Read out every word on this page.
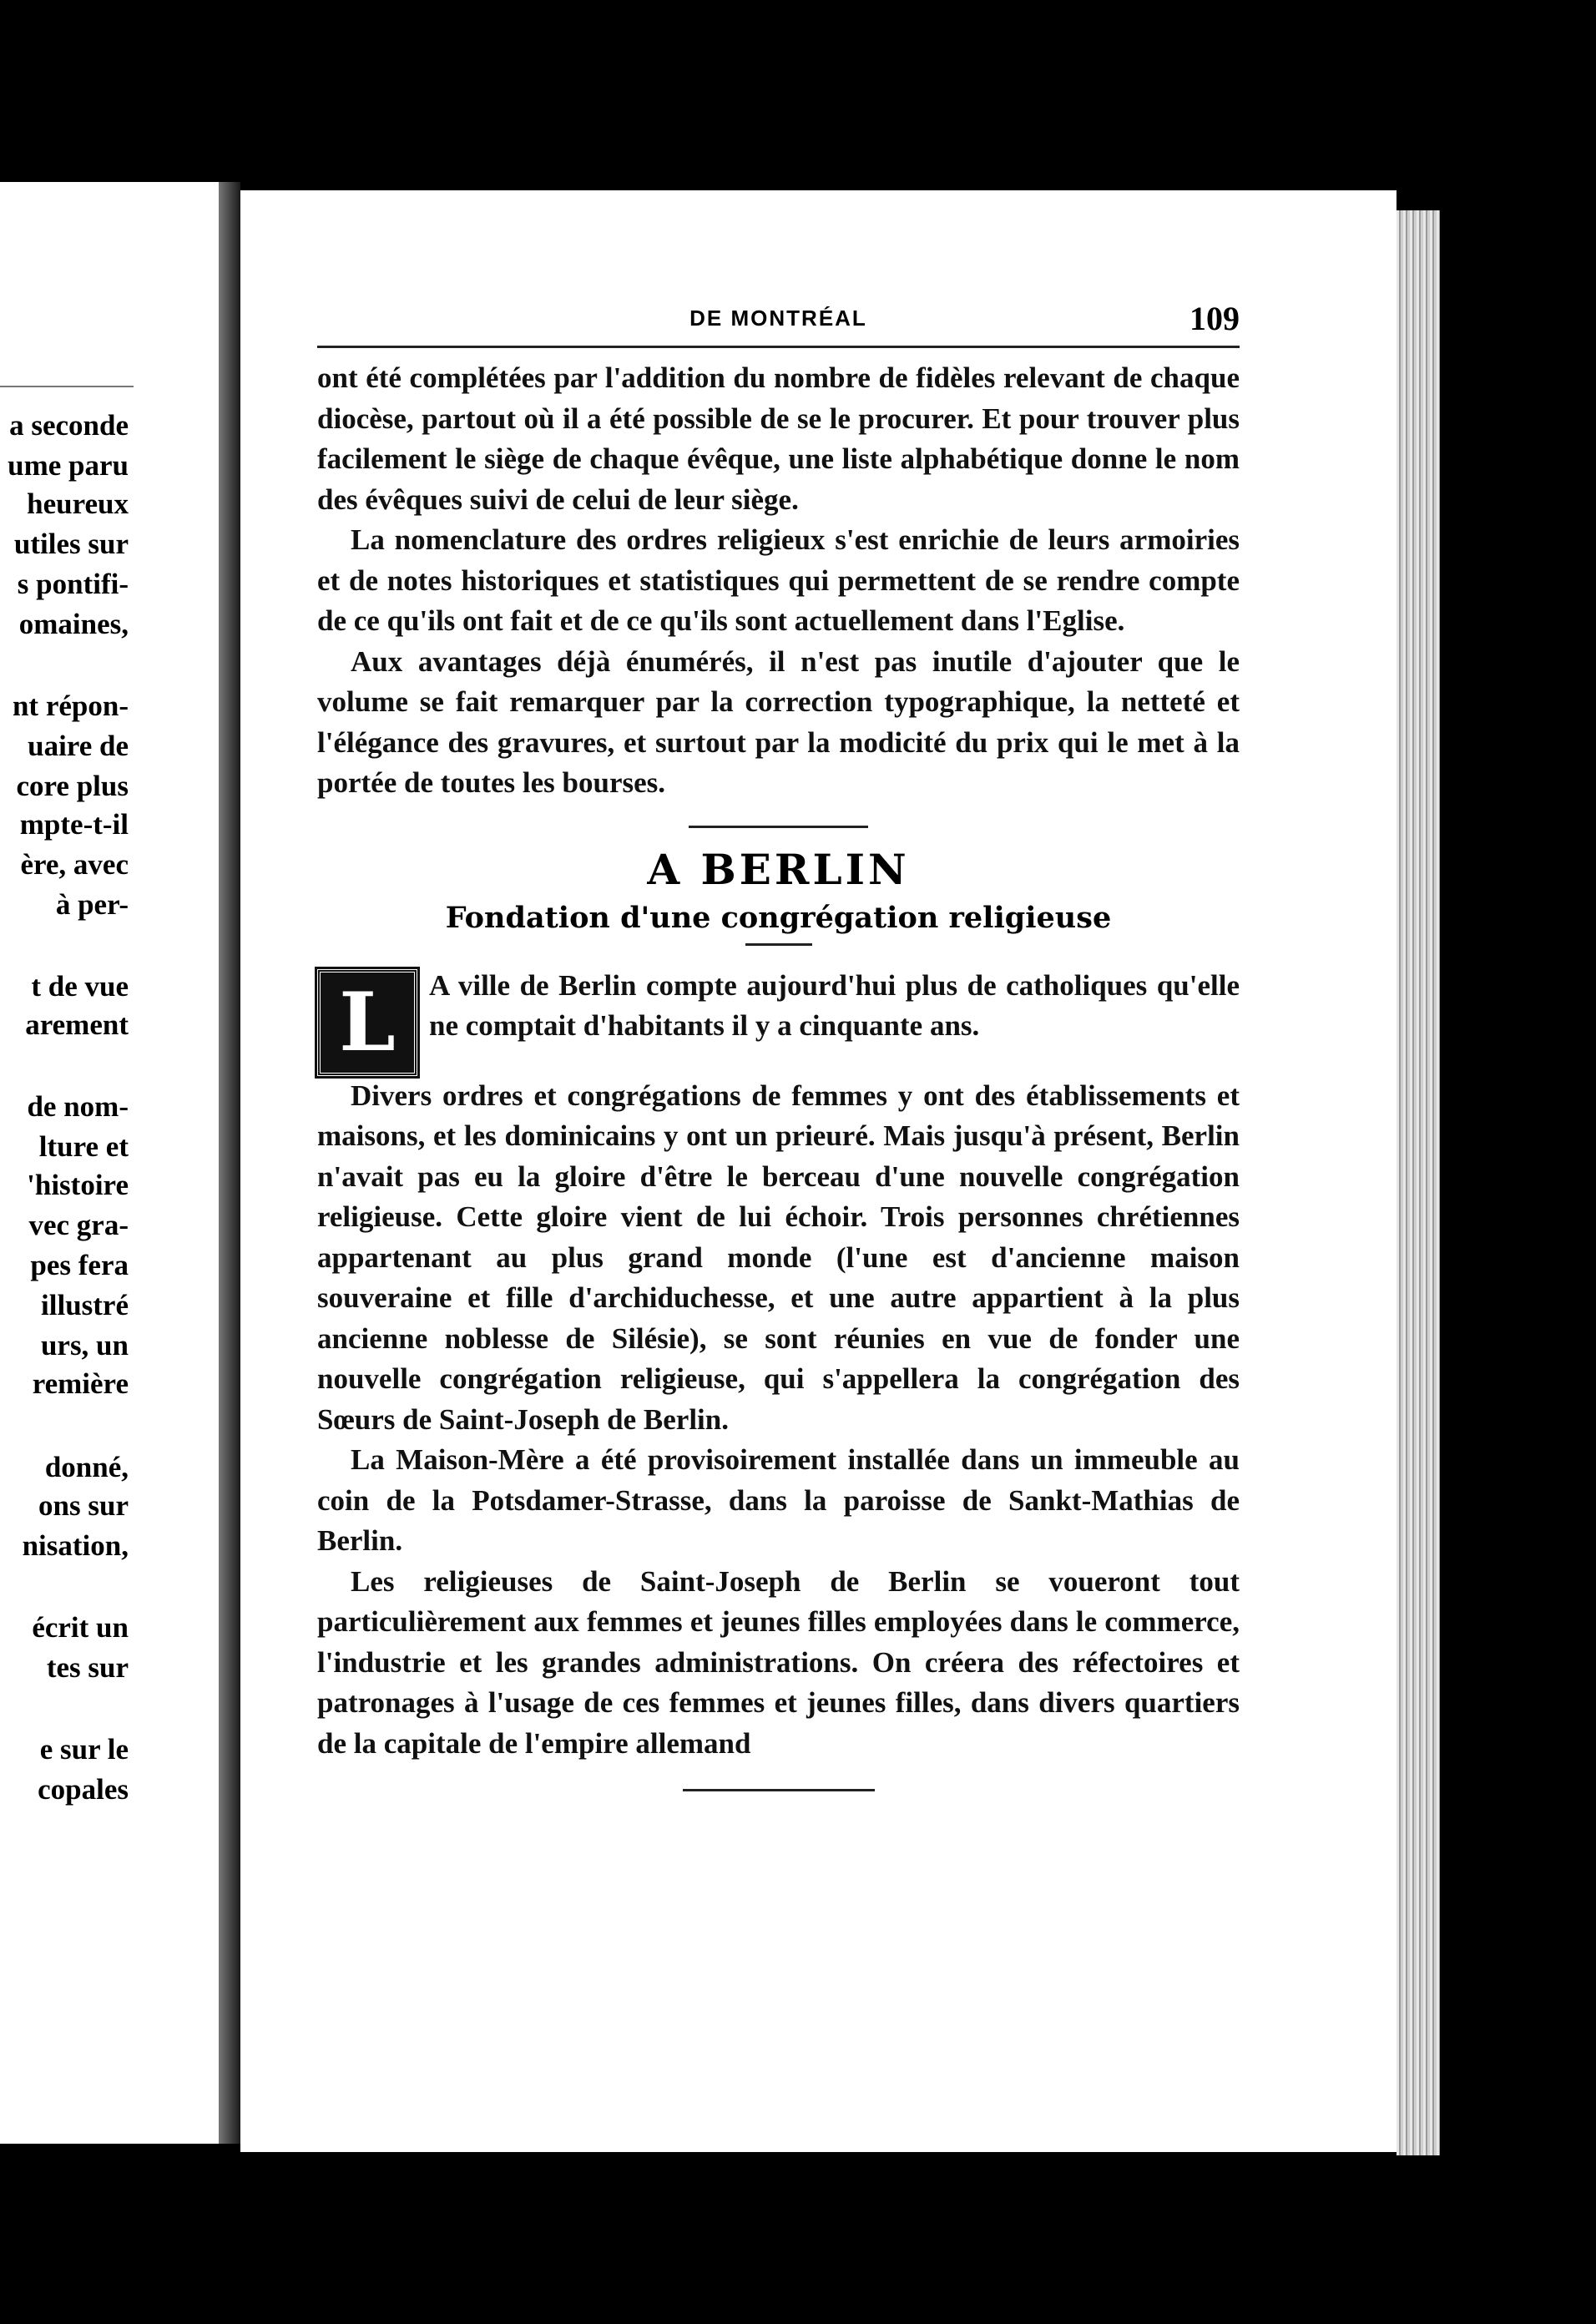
a seconde
ume paru
heureux
utiles sur
s pontifi-
omaines,
nt répon-
uaire de
core plus
mpte-t-il
ère, avec
à per-
t de vue
arement
de nom-
lture et
'histoire
vec gra-
pes fera
illustré
urs, un
remière
donné,
ons sur
nisation,
écrit un
tes sur
e sur le
copales
DE MONTRÉAL	109

ont été complétées par l'addition du nombre de fidèles relevant de chaque diocèse, partout où il a été possible de se le procurer. Et pour trouver plus facilement le siège de chaque évêque, une liste alphabétique donne le nom des évêques suivi de celui de leur siège.

La nomenclature des ordres religieux s'est enrichie de leurs armoiries et de notes historiques et statistiques qui permettent de se rendre compte de ce qu'ils ont fait et de ce qu'ils sont actuellement dans l'Eglise.

Aux avantages déjà énumérés, il n'est pas inutile d'ajouter que le volume se fait remarquer par la correction typographique, la netteté et l'élégance des gravures, et surtout par la modicité du prix qui le met à la portée de toutes les bourses.

A BERLIN
Fondation d'une congrégation religieuse
L	A ville de Berlin compte aujourd'hui plus de catholiques qu'elle ne comptait d'habitants il y a cinquante ans.

Divers ordres et congrégations de femmes y ont des établissements et maisons, et les dominicains y ont un prieuré. Mais jusqu'à présent, Berlin n'avait pas eu la gloire d'être le berceau d'une nouvelle congrégation religieuse. Cette gloire vient de lui échoir. Trois personnes chrétiennes appartenant au plus grand monde (l'une est d'ancienne maison souveraine et fille d'archiduchesse, et une autre appartient à la plus ancienne noblesse de Silésie), se sont réunies en vue de fonder une nouvelle congrégation religieuse, qui s'appellera la congrégation des Sœurs de Saint-Joseph de Berlin.

La Maison-Mère a été provisoirement installée dans un immeuble au coin de la Potsdamer-Strasse, dans la paroisse de Sankt-Mathias de Berlin.

Les religieuses de Saint-Joseph de Berlin se voueront tout particulièrement aux femmes et jeunes filles employées dans le commerce, l'industrie et les grandes administrations. On créera des réfectoires et patronages à l'usage de ces femmes et jeunes filles, dans divers quartiers de la capitale de l'empire allemand
